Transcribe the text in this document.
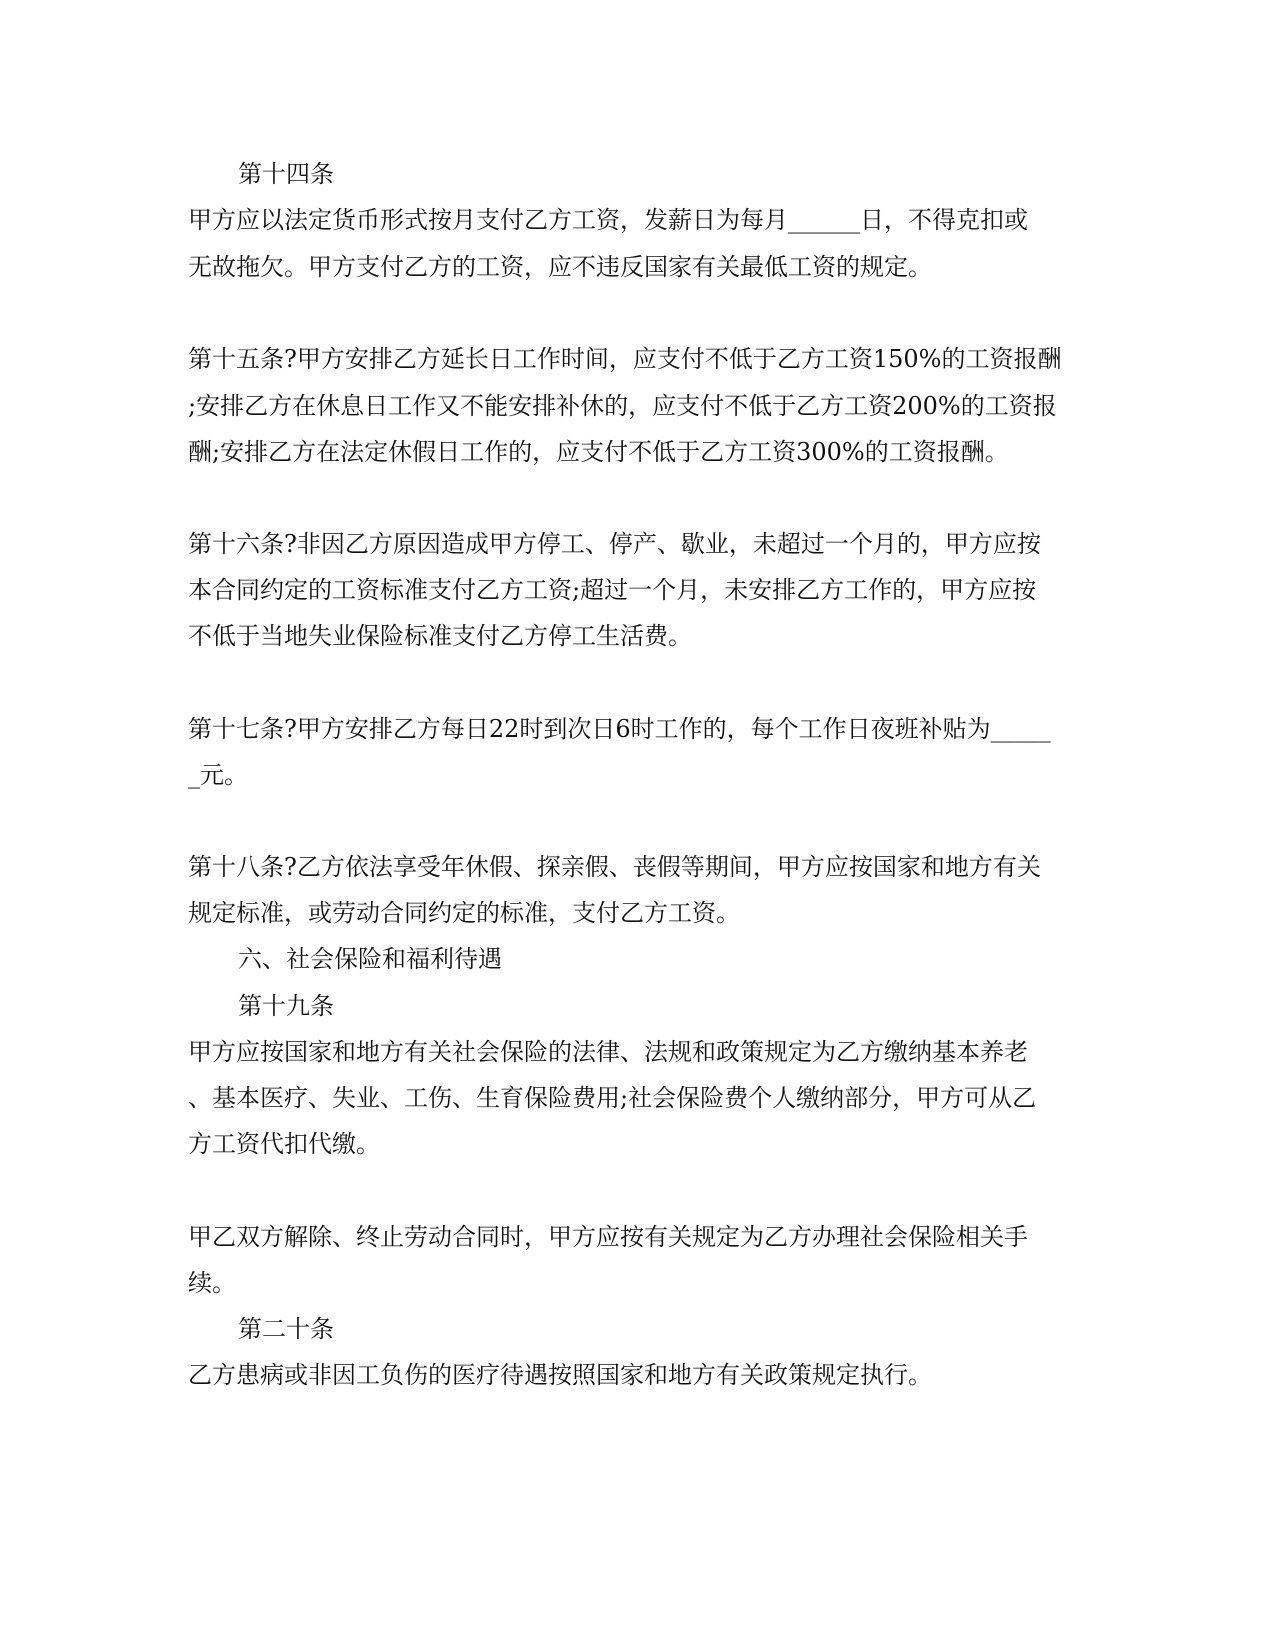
第十四条
甲方应以法定货币形式按月支付乙方工资，发薪日为每月______日，不得克扣或
无故拖欠。甲方支付乙方的工资，应不违反国家有关最低工资的规定。
第十五条?甲方安排乙方延长日工作时间，应支付不低于乙方工资150%的工资报酬
;安排乙方在休息日工作又不能安排补休的，应支付不低于乙方工资200%的工资报
酬;安排乙方在法定休假日工作的，应支付不低于乙方工资300%的工资报酬。
第十六条?非因乙方原因造成甲方停工、停产、歇业，未超过一个月的，甲方应按
本合同约定的工资标准支付乙方工资;超过一个月，未安排乙方工作的，甲方应按
不低于当地失业保险标准支付乙方停工生活费。
第十七条?甲方安排乙方每日22时到次日6时工作的，每个工作日夜班补贴为_____
_元。
第十八条?乙方依法享受年休假、探亲假、丧假等期间，甲方应按国家和地方有关
规定标准，或劳动合同约定的标准，支付乙方工资。
六、社会保险和福利待遇
第十九条
甲方应按国家和地方有关社会保险的法律、法规和政策规定为乙方缴纳基本养老
、基本医疗、失业、工伤、生育保险费用;社会保险费个人缴纳部分，甲方可从乙
方工资代扣代缴。
甲乙双方解除、终止劳动合同时，甲方应按有关规定为乙方办理社会保险相关手
续。
第二十条
乙方患病或非因工负伤的医疗待遇按照国家和地方有关政策规定执行。
